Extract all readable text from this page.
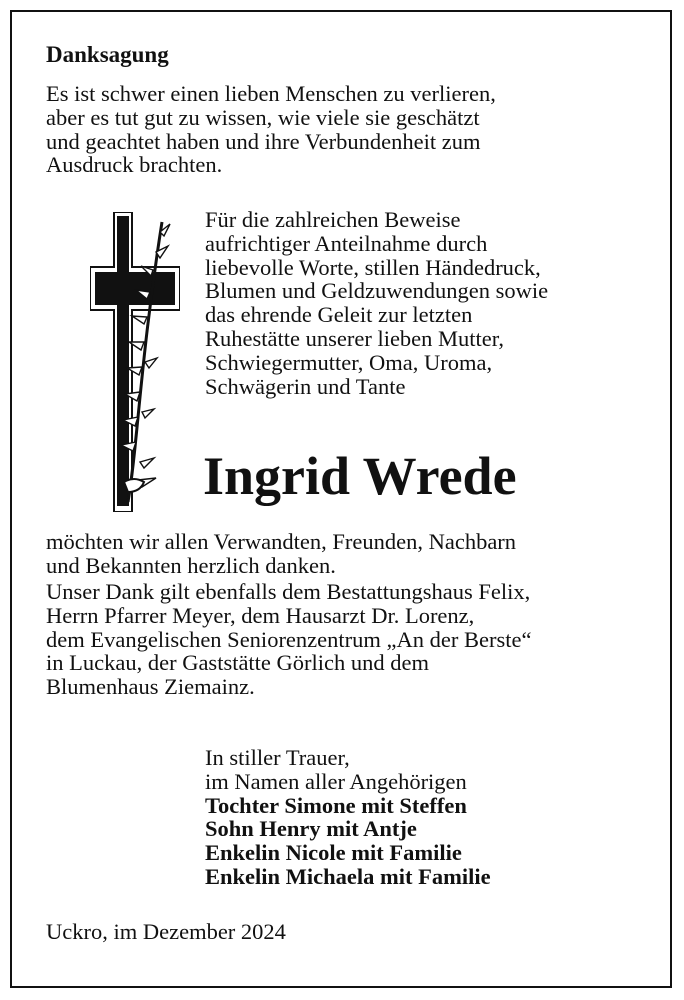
Danksagung
Es ist schwer einen lieben Menschen zu verlieren,
aber es tut gut zu wissen, wie viele sie geschätzt
und geachtet haben und ihre Verbundenheit zum
Ausdruck brachten.
Für die zahlreichen Beweise
aufrichtiger Anteilnahme durch
liebevolle Worte, stillen Händedruck,
Blumen und Geldzuwendungen sowie
das ehrende Geleit zur letzten
Ruhestätte unserer lieben Mutter,
Schwiegermutter, Oma, Uroma,
Schwägerin und Tante
Ingrid Wrede
möchten wir allen Verwandten, Freunden, Nachbarn
und Bekannten herzlich danken.
Unser Dank gilt ebenfalls dem Bestattungshaus Felix,
Herrn Pfarrer Meyer, dem Hausarzt Dr. Lorenz,
dem Evangelischen Seniorenzentrum „An der Berste“
in Luckau, der Gaststätte Görlich und dem
Blumenhaus Ziemainz.
In stiller Trauer,
im Namen aller Angehörigen
Tochter Simone mit Steffen
Sohn Henry mit Antje
Enkelin Nicole mit Familie
Enkelin Michaela mit Familie
Uckro, im Dezember 2024
